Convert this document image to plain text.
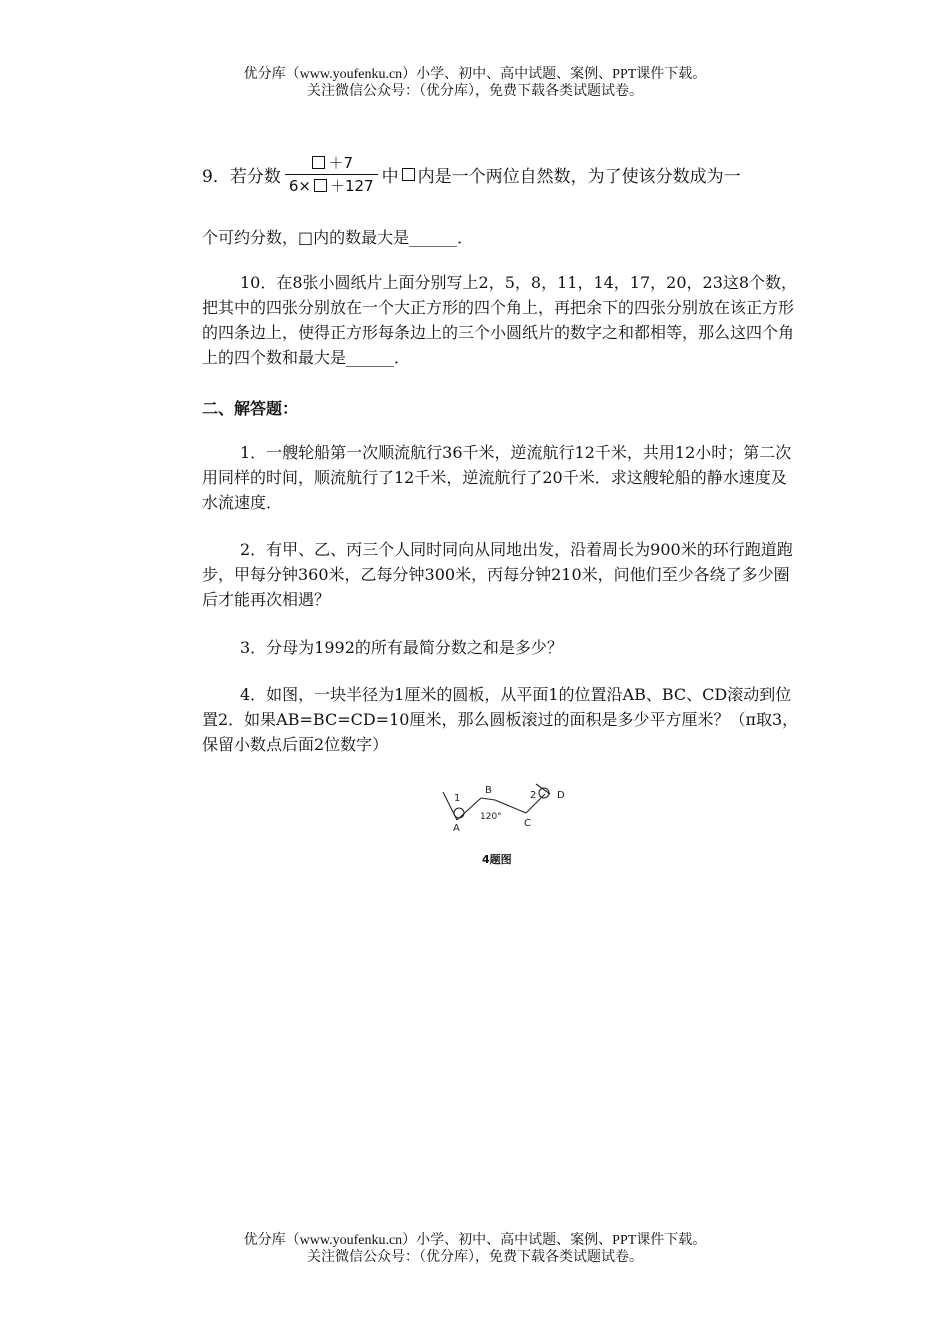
优分库（www.youfenku.cn）小学、初中、高中试题、案例、PPT课件下载。
关注微信公众号：（优分库），免费下载各类试题试卷。
9．若分数 $\frac{+7}{6\times +127}$ 中 内是一个两位自然数，为了使该分数成为一
个可约分数，□内的数最大是______．
10．在8张小圆纸片上面分别写上2，5，8，11，14，17，20，23这8个数，把其中的四张分别放在一个大正方形的四个角上，再把余下的四张分别放在该正方形的四条边上，使得正方形每条边上的三个小圆纸片的数字之和都相等，那么这四个角上的四个数和最大是______．
二、解答题：
1．一艘轮船第一次顺流航行36千米，逆流航行12千米，共用12小时；第二次用同样的时间，顺流航行了12千米，逆流航行了20千米．求这艘轮船的静水速度及水流速度．
2．有甲、乙、丙三个人同时同向从同地出发，沿着周长为900米的环行跑道跑步，甲每分钟360米，乙每分钟300米，丙每分钟210米，问他们至少各绕了多少圈后才能再次相遇？
3．分母为1992的所有最简分数之和是多少？
4．如图，一块半径为1厘米的圆板，从平面1的位置沿AB、BC、CD滚动到位置2．如果AB=BC=CD=10厘米，那么圆板滚过的面积是多少平方厘米？（π取3，保留小数点后面2位数字）
1
A
B
120°
C
2 D
4题图
优分库（www.youfenku.cn）小学、初中、高中试题、案例、PPT课件下载。
关注微信公众号：（优分库），免费下载各类试题试卷。
